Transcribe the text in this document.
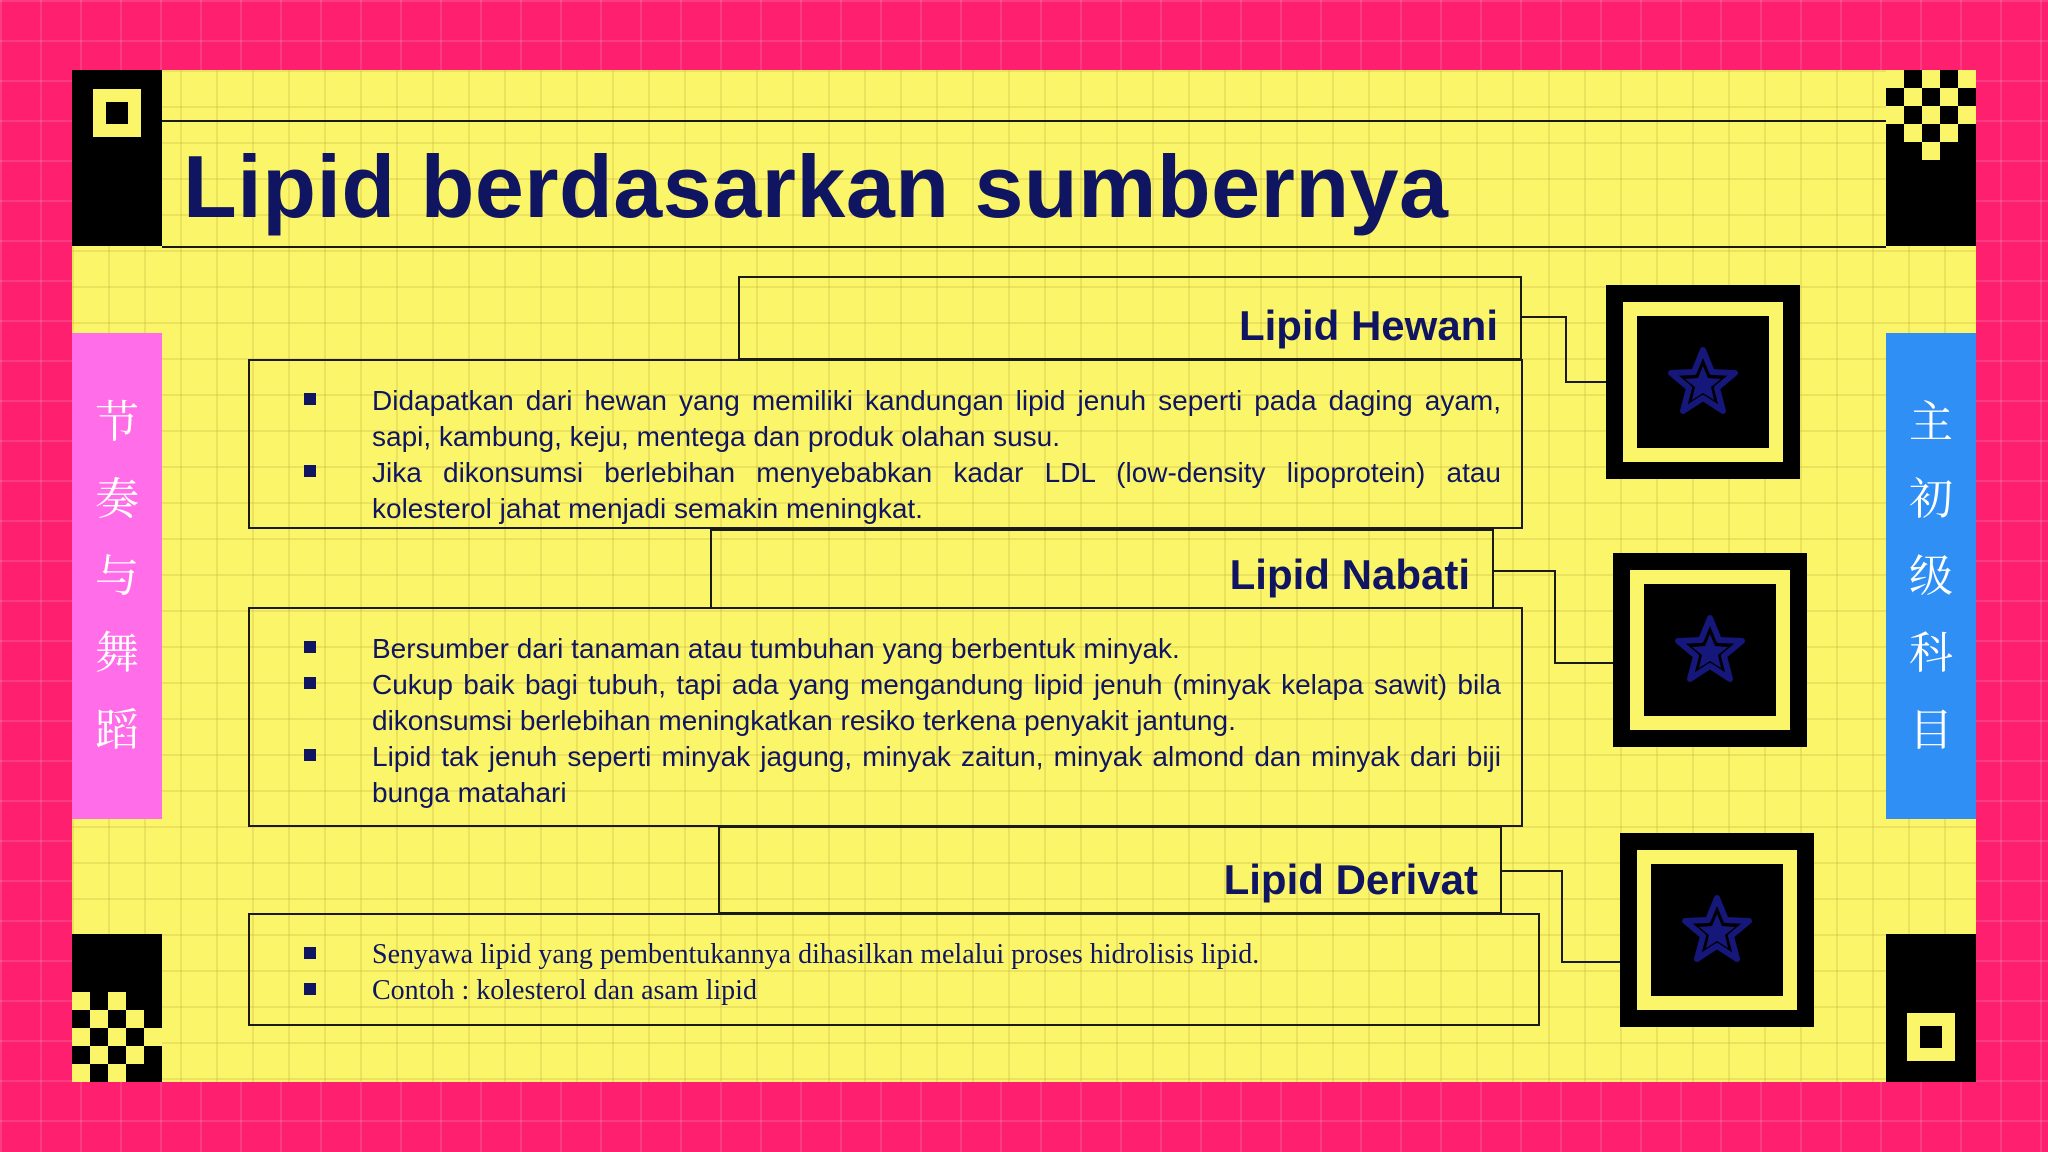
Lipid berdasarkan sumbernya
节
奏
与
舞
蹈
主
初
级
科
目
Lipid Hewani
Didapatkan dari hewan yang memiliki kandungan lipid jenuh seperti pada daging ayam, sapi, kambung, keju, mentega dan produk olahan susu.
Jika dikonsumsi berlebihan menyebabkan kadar LDL (low-density lipoprotein) atau kolesterol jahat menjadi semakin meningkat.
Lipid Nabati
Bersumber dari tanaman atau tumbuhan yang berbentuk minyak.
Cukup baik bagi tubuh, tapi ada yang mengandung lipid jenuh (minyak kelapa sawit) bila dikonsumsi berlebihan meningkatkan resiko terkena penyakit jantung.
Lipid tak jenuh seperti minyak jagung, minyak zaitun, minyak almond dan minyak dari biji bunga matahari
Lipid Derivat
Senyawa lipid yang pembentukannya dihasilkan melalui proses hidrolisis lipid.
Contoh : kolesterol dan asam lipid
